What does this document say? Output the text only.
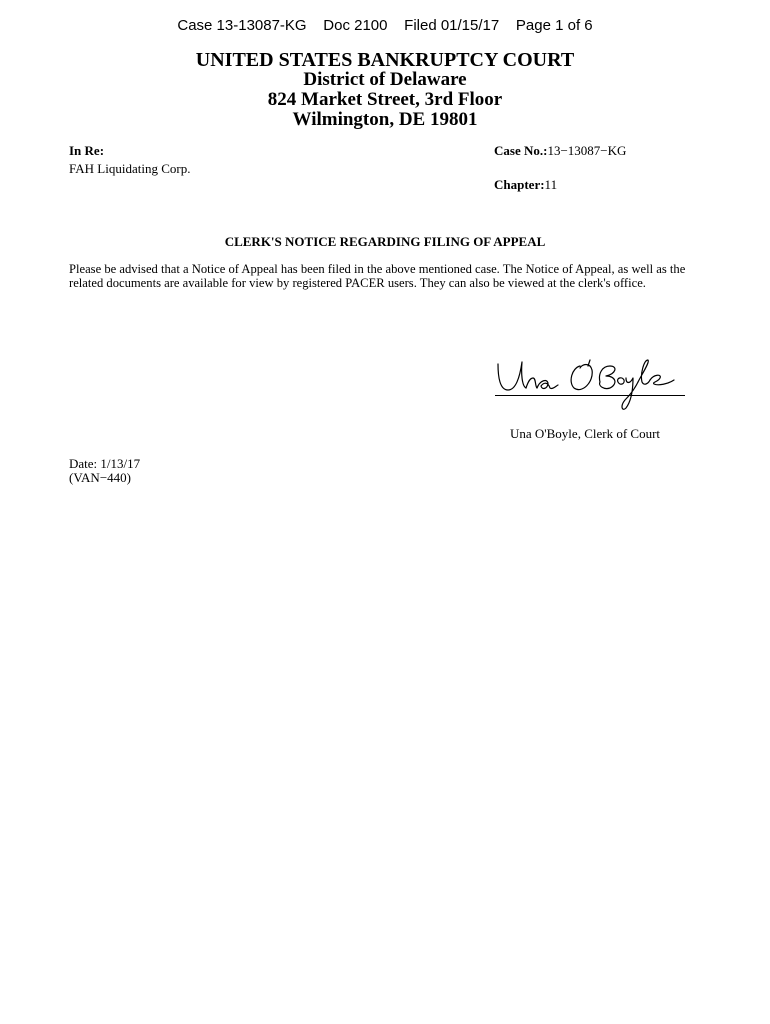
Case 13-13087-KG    Doc 2100    Filed 01/15/17    Page 1 of 6
UNITED STATES BANKRUPTCY COURT
District of Delaware
824 Market Street, 3rd Floor
Wilmington, DE 19801
In Re:
FAH Liquidating Corp.
Case No.:13−13087−KG
Chapter:11
CLERK'S NOTICE REGARDING FILING OF APPEAL
Please be advised that a Notice of Appeal has been filed in the above mentioned case. The Notice of Appeal, as well as the related documents are available for view by registered PACER users. They can also be viewed at the clerk's office.
Una O'Boyle, Clerk of Court
Date: 1/13/17
(VAN−440)
